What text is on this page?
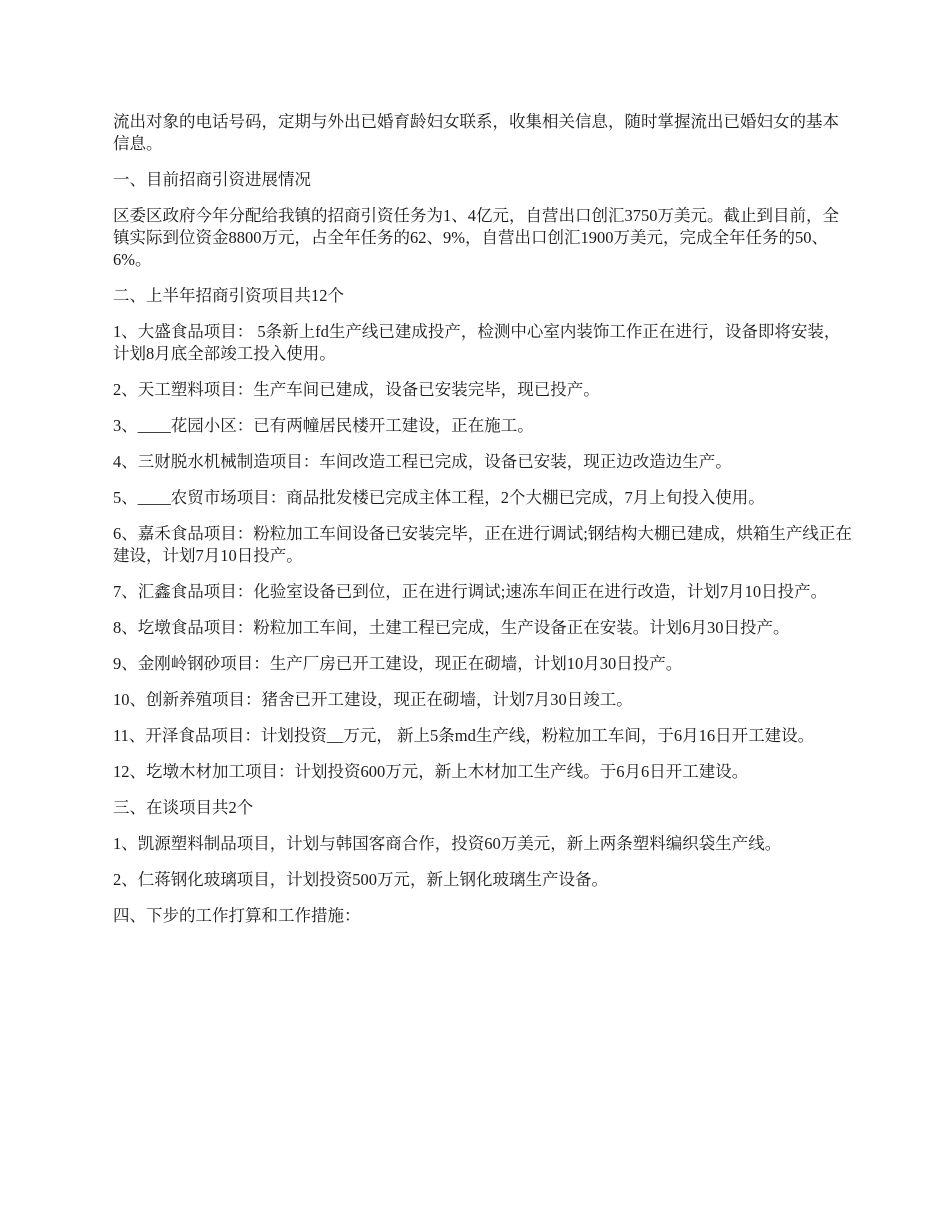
流出对象的电话号码，定期与外出已婚育龄妇女联系，收集相关信息，随时掌握流出已婚妇女的基本信息。

一、目前招商引资进展情况

区委区政府今年分配给我镇的招商引资任务为1、4亿元，自营出口创汇3750万美元。截止到目前，全镇实际到位资金8800万元，占全年任务的62、9%，自营出口创汇1900万美元，完成全年任务的50、6%。

二、上半年招商引资项目共12个

1、大盛食品项目： 5条新上fd生产线已建成投产，检测中心室内装饰工作正在进行，设备即将安装，计划8月底全部竣工投入使用。

2、天工塑料项目：生产车间已建成，设备已安装完毕，现已投产。

3、____花园小区：已有两幢居民楼开工建设，正在施工。

4、三财脱水机械制造项目：车间改造工程已完成，设备已安装，现正边改造边生产。

5、____农贸市场项目：商品批发楼已完成主体工程，2个大棚已完成，7月上旬投入使用。

6、嘉禾食品项目：粉粒加工车间设备已安装完毕，正在进行调试;钢结构大棚已建成，烘箱生产线正在建设，计划7月10日投产。

7、汇鑫食品项目：化验室设备已到位，正在进行调试;速冻车间正在进行改造，计划7月10日投产。

8、圪墩食品项目：粉粒加工车间，土建工程已完成，生产设备正在安装。计划6月30日投产。

9、金刚岭钢砂项目：生产厂房已开工建设，现正在砌墙，计划10月30日投产。

10、创新养殖项目：猪舍已开工建设，现正在砌墙，计划7月30日竣工。

11、开泽食品项目：计划投资__万元， 新上5条md生产线，粉粒加工车间，于6月16日开工建设。

12、圪墩木材加工项目：计划投资600万元，新上木材加工生产线。于6月6日开工建设。

三、在谈项目共2个

1、凯源塑料制品项目，计划与韩国客商合作，投资60万美元，新上两条塑料编织袋生产线。

2、仁蒋钢化玻璃项目，计划投资500万元，新上钢化玻璃生产设备。

四、下步的工作打算和工作措施：
